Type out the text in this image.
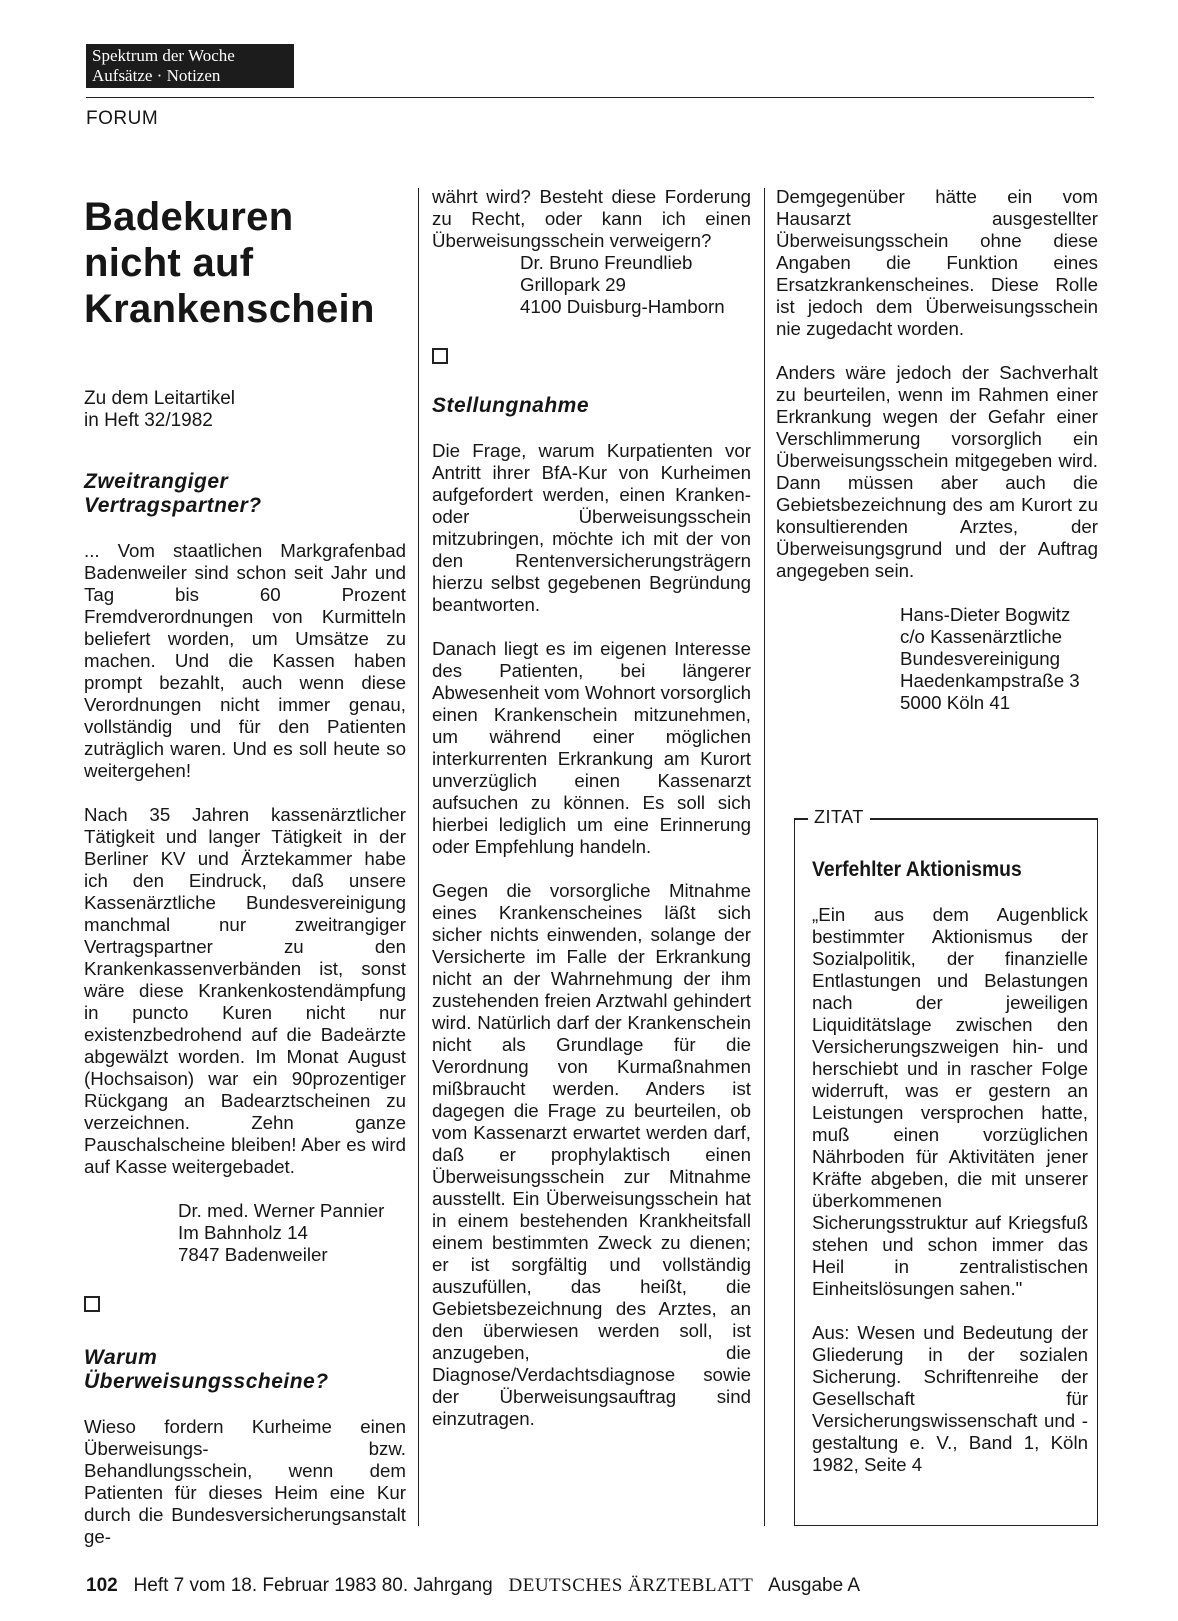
Spektrum der Woche
Aufsätze · Notizen
FORUM
Badekuren
nicht auf
Krankenschein
Zu dem Leitartikel
in Heft 32/1982
Zweitrangiger
Vertragspartner?

... Vom staatlichen Markgrafenbad Badenweiler sind schon seit Jahr und Tag bis 60 Prozent Fremdverordnungen von Kurmitteln beliefert worden, um Umsätze zu machen. Und die Kassen haben prompt bezahlt, auch wenn diese Verordnungen nicht immer genau, vollständig und für den Patienten zuträglich waren. Und es soll heute so weitergehen!

Nach 35 Jahren kassenärztlicher Tätigkeit und langer Tätigkeit in der Berliner KV und Ärztekammer habe ich den Eindruck, daß unsere Kassenärztliche Bundesvereinigung manchmal nur zweitrangiger Vertragspartner zu den Krankenkassenverbänden ist, sonst wäre diese Krankenkostendämpfung in puncto Kuren nicht nur existenzbedrohend auf die Badeärzte abgewälzt worden. Im Monat August (Hochsaison) war ein 90prozentiger Rückgang an Badearztscheinen zu verzeichnen. Zehn ganze Pauschalscheine bleiben! Aber es wird auf Kasse weitergebadet.

Dr. med. Werner Pannier
Im Bahnholz 14
7847 Badenweiler
Warum
Überweisungsscheine?

Wieso fordern Kurheime einen Überweisungs- bzw. Behandlungsschein, wenn dem Patienten für dieses Heim eine Kur durch die Bundesversicherungsanstalt ge-

währt wird? Besteht diese Forderung zu Recht, oder kann ich einen Überweisungsschein verweigern?

Dr. Bruno Freundlieb
Grillopark 29
4100 Duisburg-Hamborn
Stellungnahme

Die Frage, warum Kurpatienten vor Antritt ihrer BfA-Kur von Kurheimen aufgefordert werden, einen Kranken- oder Überweisungsschein mitzubringen, möchte ich mit der von den Rentenversicherungsträgern hierzu selbst gegebenen Begründung beantworten.

Danach liegt es im eigenen Interesse des Patienten, bei längerer Abwesenheit vom Wohnort vorsorglich einen Krankenschein mitzunehmen, um während einer möglichen interkurrenten Erkrankung am Kurort unverzüglich einen Kassenarzt aufsuchen zu können. Es soll sich hierbei lediglich um eine Erinnerung oder Empfehlung handeln.

Gegen die vorsorgliche Mitnahme eines Krankenscheines läßt sich sicher nichts einwenden, solange der Versicherte im Falle der Erkrankung nicht an der Wahrnehmung der ihm zustehenden freien Arztwahl gehindert wird. Natürlich darf der Krankenschein nicht als Grundlage für die Verordnung von Kurmaßnahmen mißbraucht werden. Anders ist dagegen die Frage zu beurteilen, ob vom Kassenarzt erwartet werden darf, daß er prophylaktisch einen Überweisungsschein zur Mitnahme ausstellt. Ein Überweisungsschein hat in einem bestehenden Krankheitsfall einem bestimmten Zweck zu dienen; er ist sorgfältig und vollständig auszufüllen, das heißt, die Gebietsbezeichnung des Arztes, an den überwiesen werden soll, ist anzugeben, die Diagnose/Verdachtsdiagnose sowie der Überweisungsauftrag sind einzutragen.

Demgegenüber hätte ein vom Hausarzt ausgestellter Überweisungsschein ohne diese Angaben die Funktion eines Ersatzkrankenscheines. Diese Rolle ist jedoch dem Überweisungsschein nie zugedacht worden.

Anders wäre jedoch der Sachverhalt zu beurteilen, wenn im Rahmen einer Erkrankung wegen der Gefahr einer Verschlimmerung vorsorglich ein Überweisungsschein mitgegeben wird. Dann müssen aber auch die Gebietsbezeichnung des am Kurort zu konsultierenden Arztes, der Überweisungsgrund und der Auftrag angegeben sein.

Hans-Dieter Bogwitz
c/o Kassenärztliche
Bundesvereinigung
Haedenkampstraße 3
5000 Köln 41
ZITAT
Verfehlter Aktionismus

„Ein aus dem Augenblick bestimmter Aktionismus der Sozialpolitik, der finanzielle Entlastungen und Belastungen nach der jeweiligen Liquiditätslage zwischen den Versicherungszweigen hin- und herschiebt und in rascher Folge widerruft, was er gestern an Leistungen versprochen hatte, muß einen vorzüglichen Nährboden für Aktivitäten jener Kräfte abgeben, die mit unserer überkommenen Sicherungsstruktur auf Kriegsfuß stehen und schon immer das Heil in zentralistischen Einheitslösungen sahen."

Aus: Wesen und Bedeutung der Gliederung in der sozialen Sicherung. Schriftenreihe der Gesellschaft für Versicherungswissenschaft und -gestaltung e. V., Band 1, Köln 1982, Seite 4

102 Heft 7 vom 18. Februar 1983 80. Jahrgang DEUTSCHES ÄRZTEBLATT Ausgabe A
